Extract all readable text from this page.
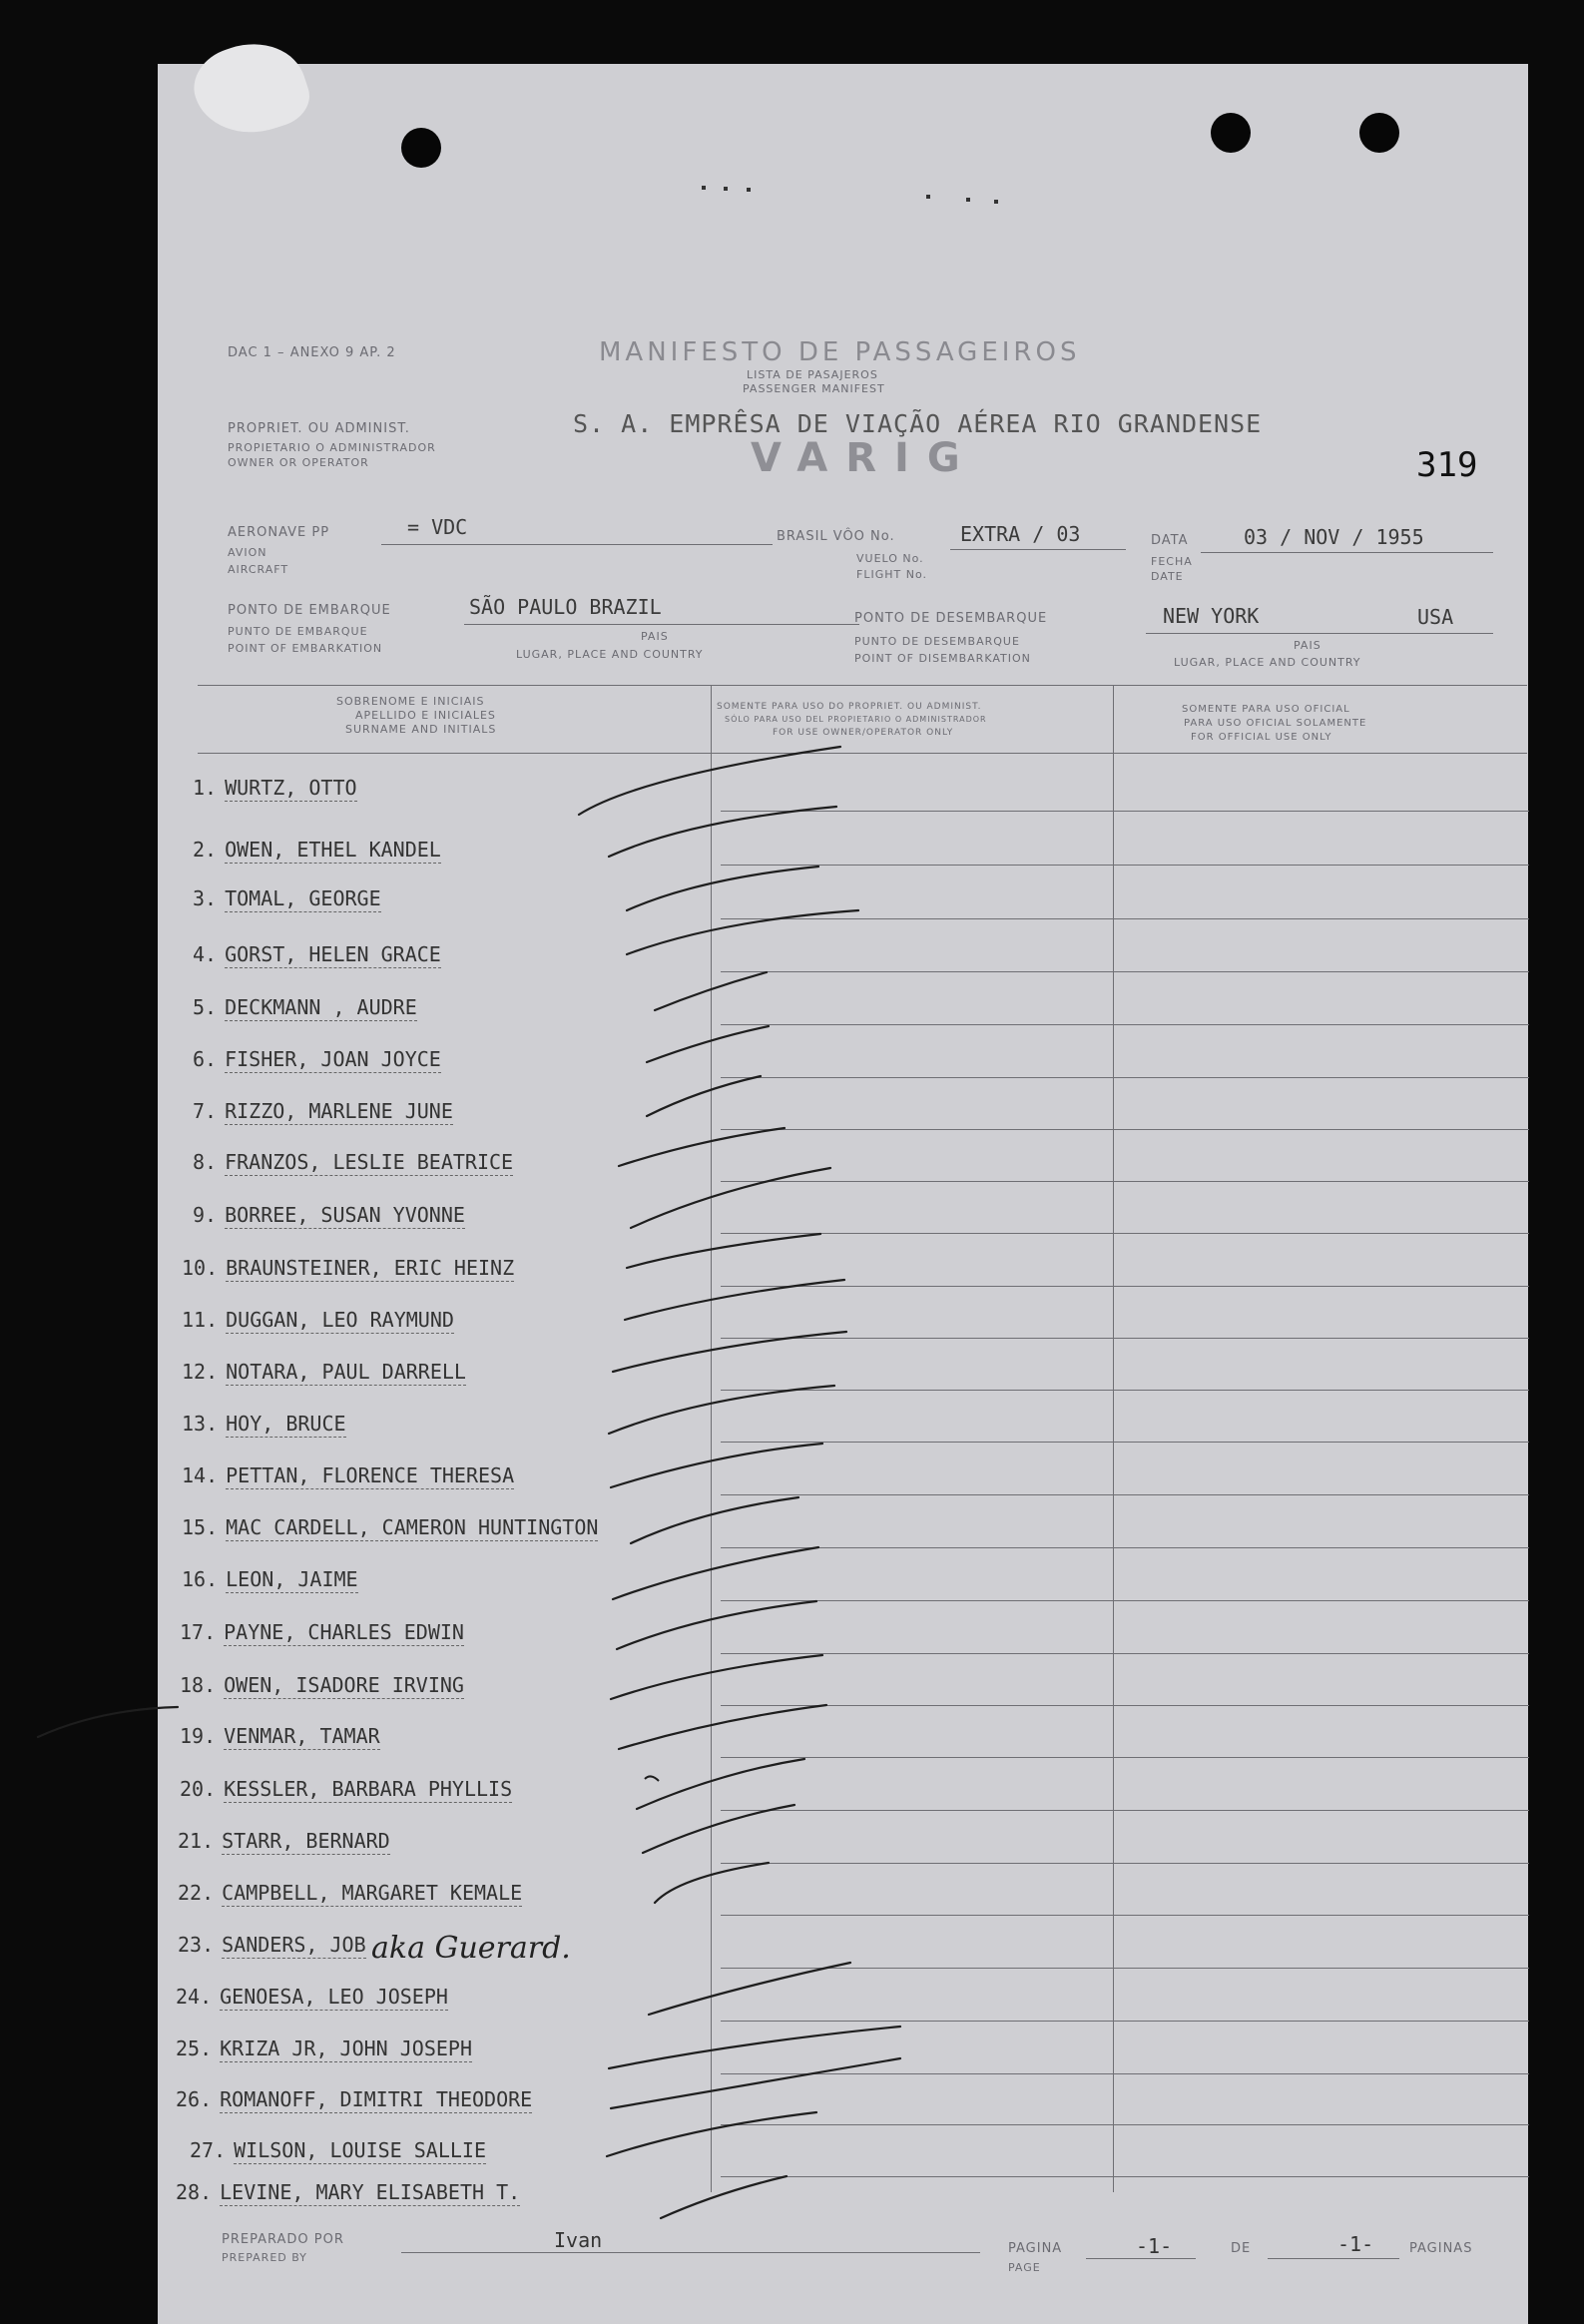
DAC 1 – ANEXO 9 AP. 2	MANIFESTO DE PASSAGEIROS
LISTA DE PASAJEROS
PASSENGER MANIFEST
PROPRIET. OU ADMINIST.
PROPIETARIO O ADMINISTRADOR
OWNER OR OPERATOR
S. A. EMPRÊSA DE VIAÇÃO AÉREA RIO GRANDENSE
VARIG	319
AERONAVE PP
AVION
AIRCRAFT
= VDC	BRASIL VÔO No.
VUELO No.
FLIGHT No.
EXTRA / 03	DATA
FECHA
DATE
03 / NOV / 1955
PONTO DE EMBARQUE
PUNTO DE EMBARQUE
POINT OF EMBARKATION
SÃO PAULO BRAZIL
PAIS
LUGAR, PLACE AND COUNTRY
PONTO DE DESEMBARQUE
PUNTO DE DESEMBARQUE
POINT OF DISEMBARKATION
NEW YORK	USA
PAIS
LUGAR, PLACE AND COUNTRY
SOBRENOME E INICIAIS
APELLIDO E INICIALES
SURNAME AND INITIALS
SOMENTE PARA USO DO PROPRIET. OU ADMINIST.
SÓLO PARA USO DEL PROPIETARIO O ADMINISTRADOR
FOR USE OWNER/OPERATOR ONLY
SOMENTE PARA USO OFICIAL
PARA USO OFICIAL SOLAMENTE
FOR OFFICIAL USE ONLY
1. WURTZ, OTTO
2. OWEN, ETHEL KANDEL
3. TOMAL, GEORGE
4. GORST, HELEN GRACE
5. DECKMANN , AUDRE
6. FISHER, JOAN JOYCE
7. RIZZO, MARLENE JUNE
8. FRANZOS, LESLIE BEATRICE
9. BORREE, SUSAN YVONNE
10. BRAUNSTEINER, ERIC HEINZ
11. DUGGAN, LEO RAYMUND
12. NOTARA, PAUL DARRELL
13. HOY, BRUCE
14. PETTAN, FLORENCE THERESA
15. MAC CARDELL, CAMERON HUNTINGTON
16. LEON, JAIME
17. PAYNE, CHARLES EDWIN
18. OWEN, ISADORE IRVING
19. VENMAR, TAMAR
20. KESSLER, BARBARA PHYLLIS
21. STARR, BERNARD
22. CAMPBELL, MARGARET KEMALE
23. SANDERS, JOB
24. GENOESA, LEO JOSEPH
25. KRIZA JR, JOHN JOSEPH
26. ROMANOFF, DIMITRI THEODORE
27. WILSON, LOUISE SALLIE
28. LEVINE, MARY ELISABETH T.
aka Guerard.
PREPARADO POR
PREPARED BY
Ivan	PAGINA
PAGE
-1-	DE	-1-	PAGINAS
